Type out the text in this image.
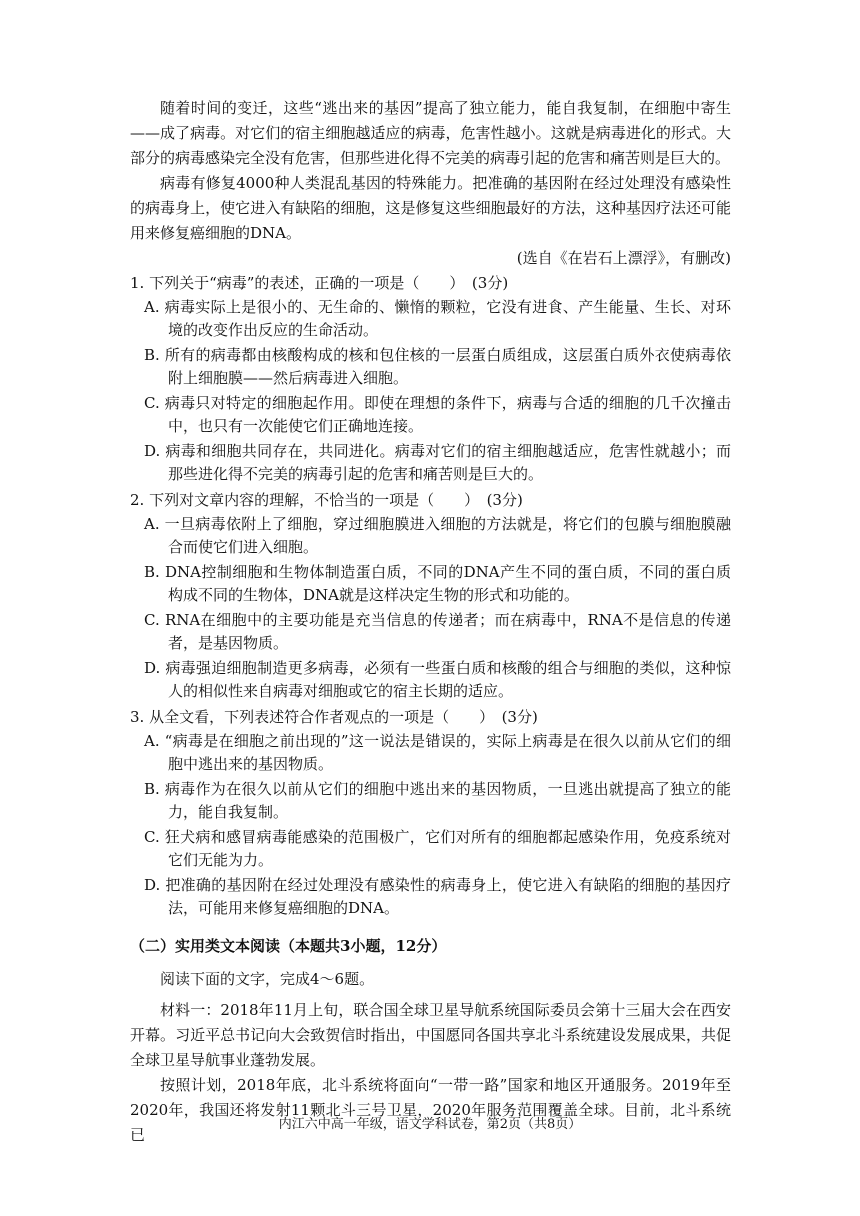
随着时间的变迁，这些“逃出来的基因”提高了独立能力，能自我复制，在细胞中寄生——成了病毒。对它们的宿主细胞越适应的病毒，危害性越小。这就是病毒进化的形式。大部分的病毒感染完全没有危害，但那些进化得不完美的病毒引起的危害和痛苦则是巨大的。

病毒有修复4000种人类混乱基因的特殊能力。把准确的基因附在经过处理没有感染性的病毒身上，使它进入有缺陷的细胞，这是修复这些细胞最好的方法，这种基因疗法还可能用来修复癌细胞的DNA。

(选自《在岩石上漂浮》，有删改)

1. 下列关于“病毒”的表述，正确的一项是（　　）　(3分)

A. 病毒实际上是很小的、无生命的、懒惰的颗粒，它没有进食、产生能量、生长、对环境的改变作出反应的生命活动。

B. 所有的病毒都由核酸构成的核和包住核的一层蛋白质组成，这层蛋白质外衣使病毒依附上细胞膜——然后病毒进入细胞。

C. 病毒只对特定的细胞起作用。即使在理想的条件下，病毒与合适的细胞的几千次撞击中，也只有一次能使它们正确地连接。

D. 病毒和细胞共同存在，共同进化。病毒对它们的宿主细胞越适应，危害性就越小；而那些进化得不完美的病毒引起的危害和痛苦则是巨大的。

2. 下列对文章内容的理解，不恰当的一项是（　　）　(3分)

A. 一旦病毒依附上了细胞，穿过细胞膜进入细胞的方法就是，将它们的包膜与细胞膜融合而使它们进入细胞。

B. DNA控制细胞和生物体制造蛋白质，不同的DNA产生不同的蛋白质，不同的蛋白质构成不同的生物体，DNA就是这样决定生物的形式和功能的。

C. RNA在细胞中的主要功能是充当信息的传递者；而在病毒中，RNA不是信息的传递者，是基因物质。

D. 病毒强迫细胞制造更多病毒，必须有一些蛋白质和核酸的组合与细胞的类似，这种惊人的相似性来自病毒对细胞或它的宿主长期的适应。

3. 从全文看，下列表述符合作者观点的一项是（　　）　(3分)

A. “病毒是在细胞之前出现的”这一说法是错误的，实际上病毒是在很久以前从它们的细胞中逃出来的基因物质。

B. 病毒作为在很久以前从它们的细胞中逃出来的基因物质，一旦逃出就提高了独立的能力，能自我复制。

C. 狂犬病和感冒病毒能感染的范围极广，它们对所有的细胞都起感染作用，免疫系统对它们无能为力。

D. 把准确的基因附在经过处理没有感染性的病毒身上，使它进入有缺陷的细胞的基因疗法，可能用来修复癌细胞的DNA。

（二）实用类文本阅读（本题共3小题，12分）

阅读下面的文字，完成4～6题。

材料一：2018年11月上旬，联合国全球卫星导航系统国际委员会第十三届大会在西安开幕。习近平总书记向大会致贺信时指出，中国愿同各国共享北斗系统建设发展成果，共促全球卫星导航事业蓬勃发展。

按照计划，2018年底，北斗系统将面向“一带一路”国家和地区开通服务。2019年至2020年，我国还将发射11颗北斗三号卫星，2020年服务范围覆盖全球。目前，北斗系统已

内江六中高一年级，语文学科试卷，第2页（共8页）
